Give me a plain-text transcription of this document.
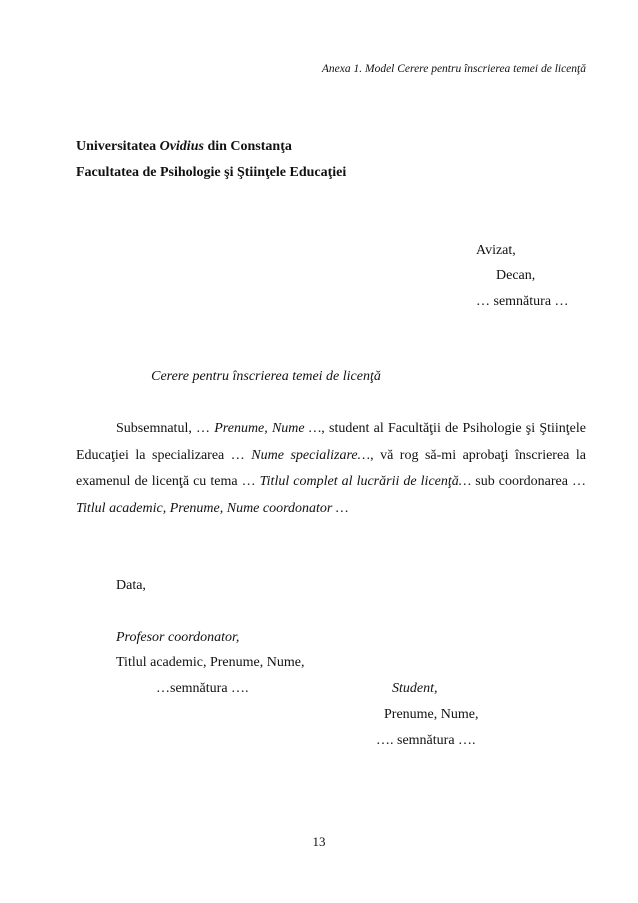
Anexa 1. Model Cerere pentru înscrierea temei de licenţă
Universitatea Ovidius din Constanţa
Facultatea de Psihologie şi Ştiinţele Educaţiei
Avizat,
Decan,
… semnătura …
Cerere pentru înscrierea temei de licenţă
Subsemnatul, … Prenume, Nume …, student al Facultăţii de Psihologie şi Ştiinţele Educaţiei la specializarea … Nume specializare…, vă rog să-mi aprobaţi înscrierea la examenul de licenţă cu tema … Titlul complet al lucrării de licenţă… sub coordonarea … Titlul academic, Prenume, Nume coordonator …
Data,
Profesor coordonator,
Titlul academic, Prenume, Nume,
…semnătura ….	Student,
Prenume, Nume,
…. semnătura ….
13
